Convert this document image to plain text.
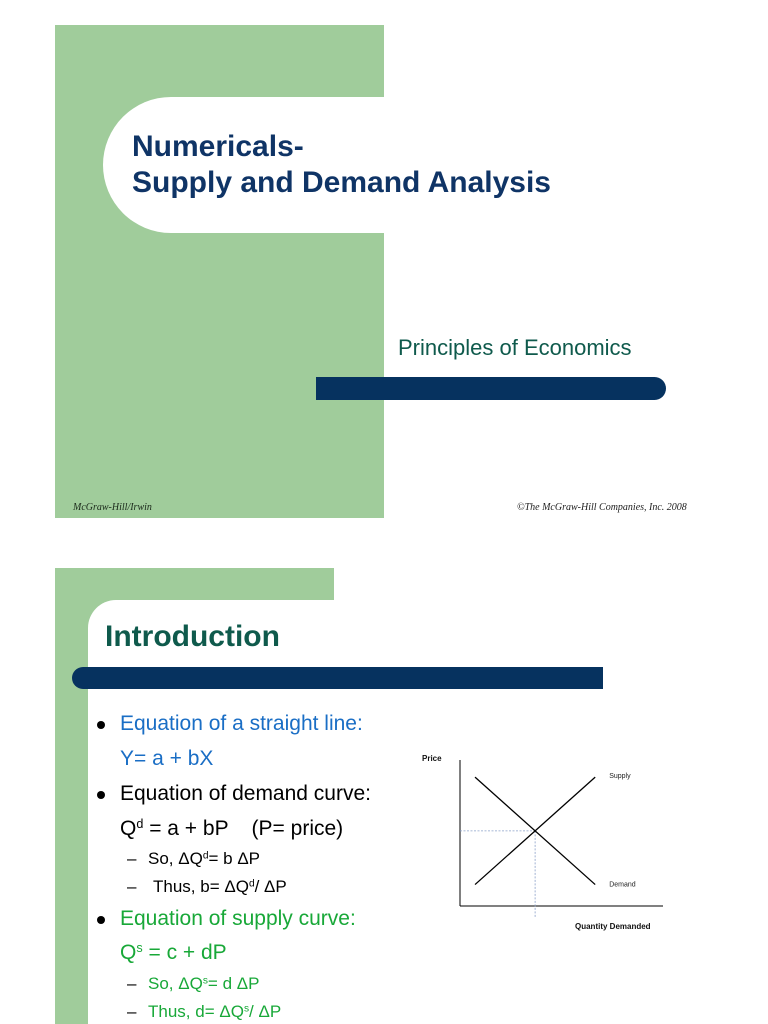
Numericals-
Supply and Demand Analysis

Principles of Economics

McGraw-Hill/Irwin	©The McGraw-Hill Companies, Inc. 2008
Introduction
Equation of a straight line:
Y= a + bX
Equation of demand curve:
$Q^d = a$ + bP    (P= price)
– So, $\Delta Q^d= b$ ΔP
– Thus, $b= \Delta Q^d/$ ΔP
Equation of supply curve:
$Q^s = c$ + dP
– So, $\Delta Q^s= d$ ΔP
– Thus, $d= \Delta Q^s/$ ΔP
Price
Quantity Demanded
Supply
Demand
